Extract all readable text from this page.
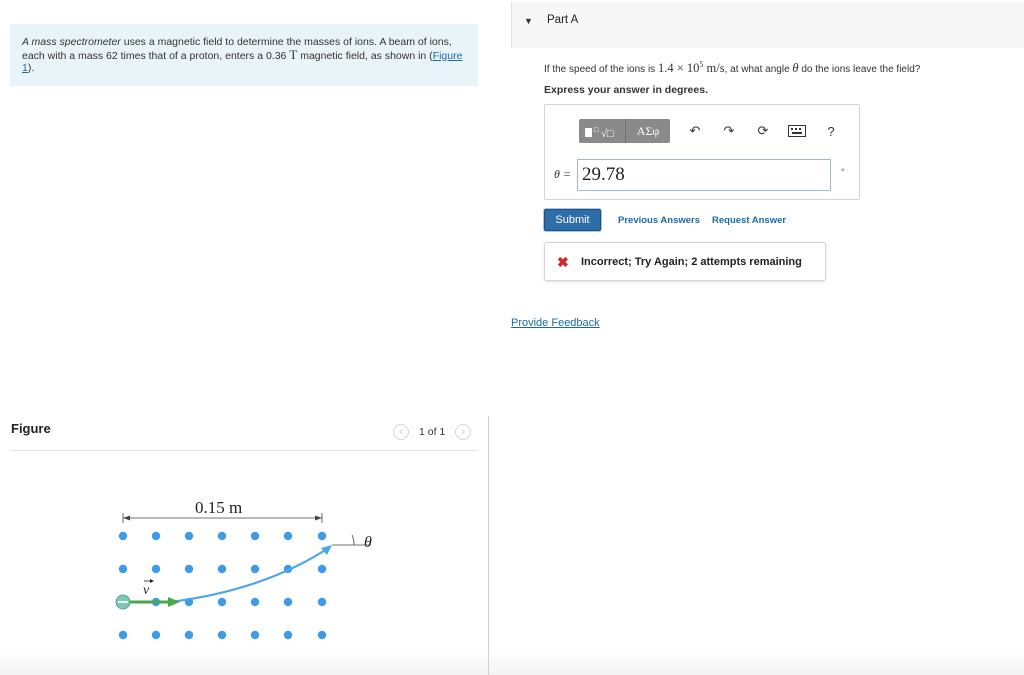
A mass spectrometer uses a magnetic field to determine the masses of ions. A beam of ions, each with a mass 62 times that of a proton, enters a 0.36 T magnetic field, as shown in (Figure 1).
Figure	‹	1 of 1	›
0.15 m
θ
v
▼ Part A
If the speed of the ions is $1.4 \times 10^5$ m/s, at what angle θ do the ions leave the field?
Express your answer in degrees.
□ √□	ΑΣφ	↶	↷	⟳	?
θ =
29.78	°
Submit	Previous Answers Request Answer
✖ Incorrect; Try Again; 2 attempts remaining
Provide Feedback
